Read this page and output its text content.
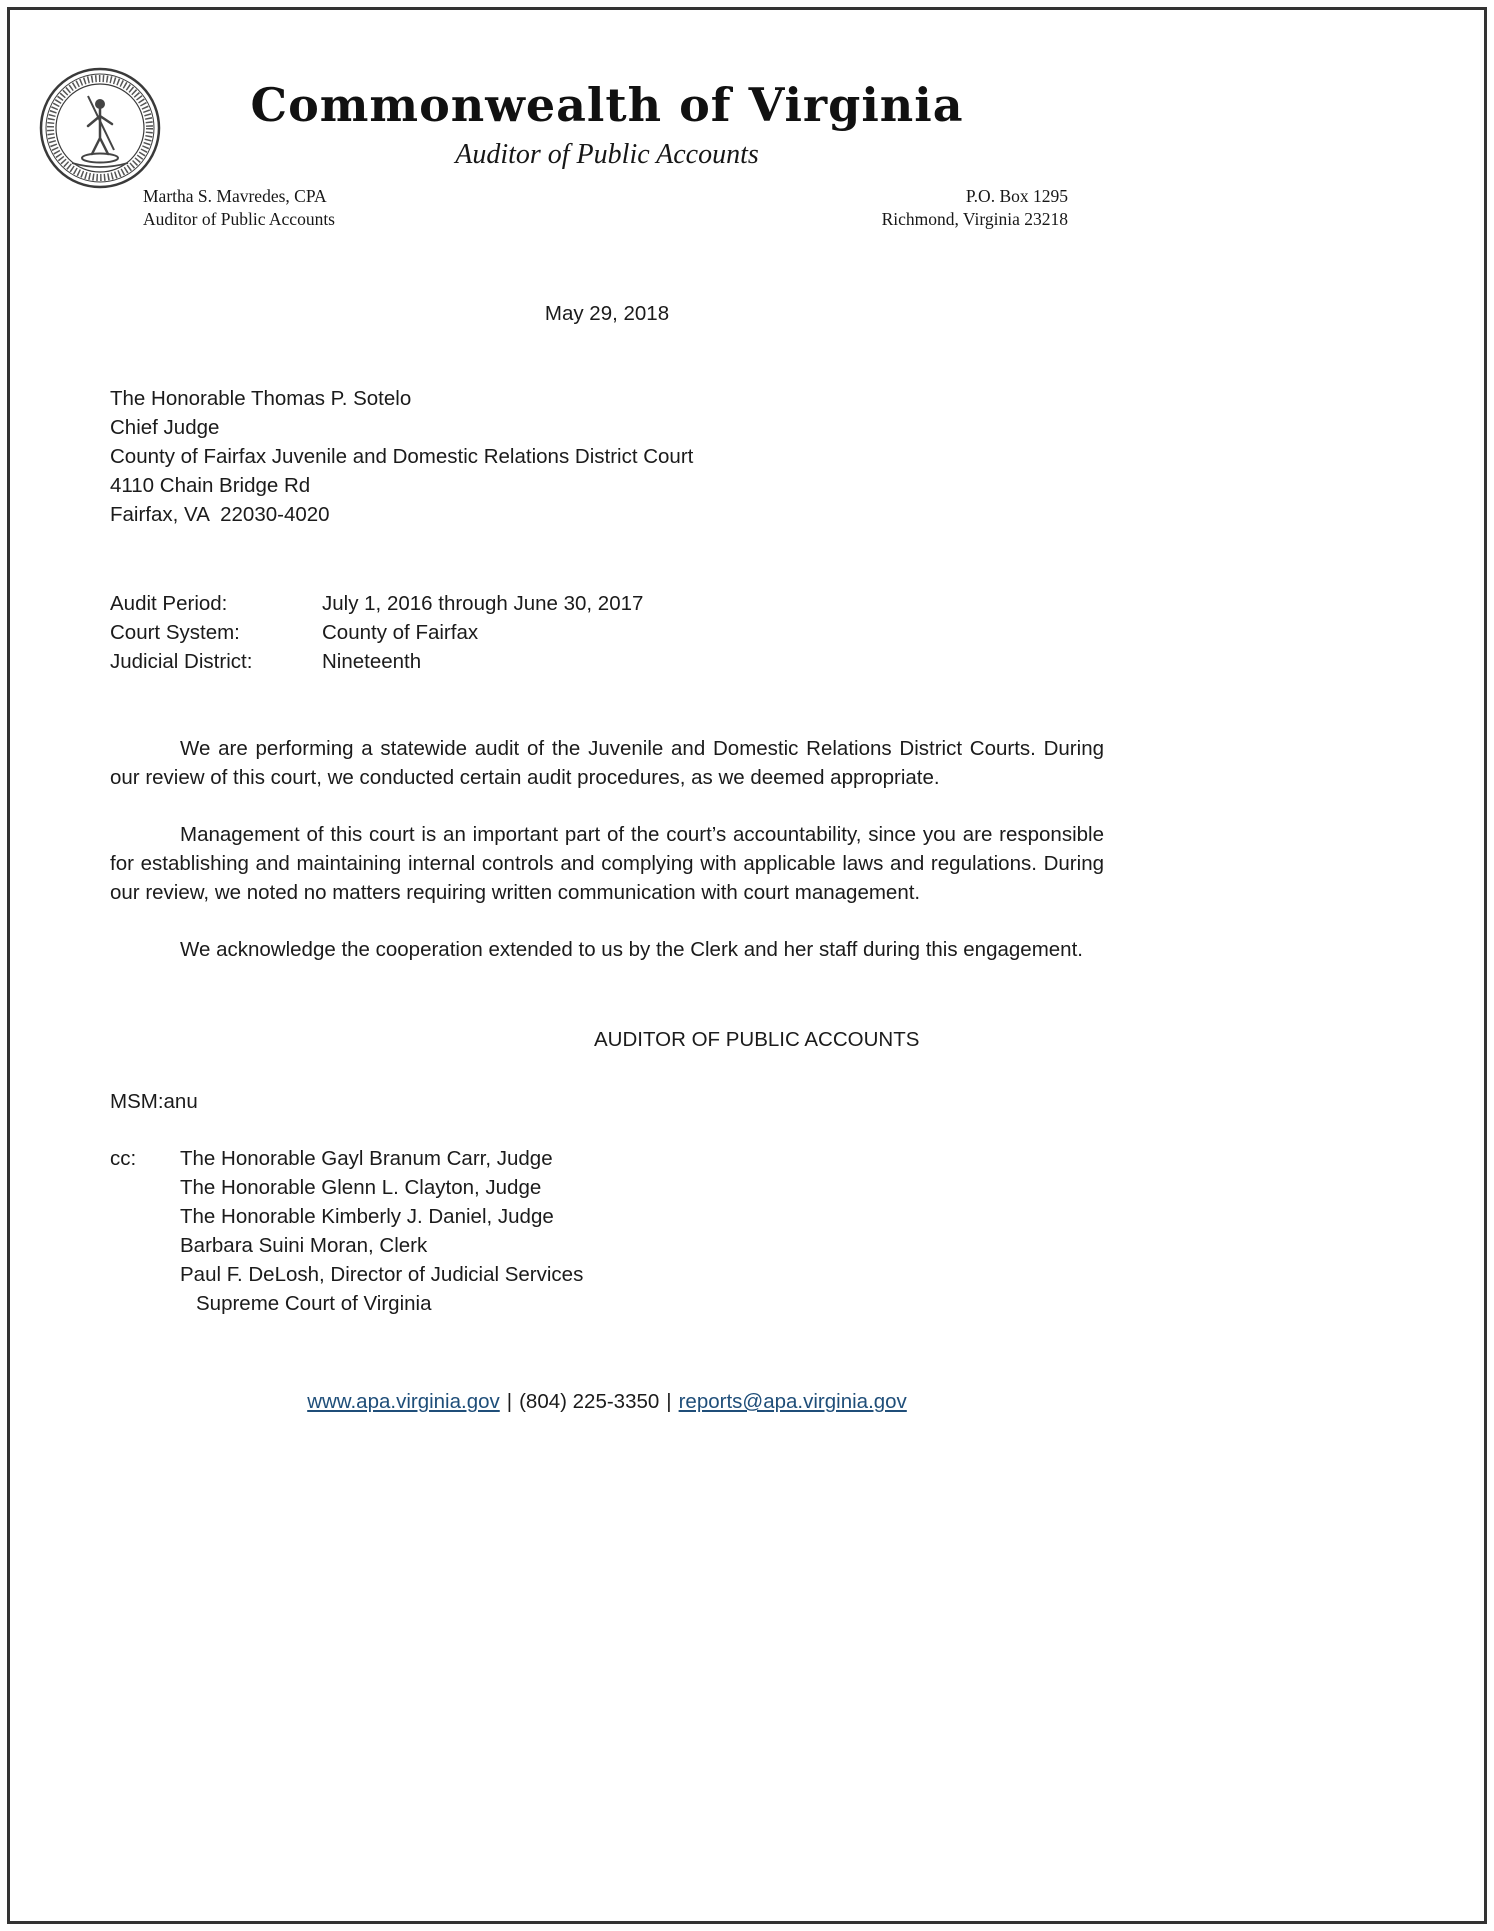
Commonwealth of Virginia
Auditor of Public Accounts
Martha S. Mavredes, CPA
Auditor of Public Accounts
P.O. Box 1295
Richmond, Virginia 23218
May 29, 2018
The Honorable Thomas P. Sotelo
Chief Judge
County of Fairfax Juvenile and Domestic Relations District Court
4110 Chain Bridge Rd
Fairfax, VA  22030-4020
Audit Period:	July 1, 2016 through June 30, 2017
Court System:	County of Fairfax
Judicial District:	Nineteenth

We are performing a statewide audit of the Juvenile and Domestic Relations District Courts. During our review of this court, we conducted certain audit procedures, as we deemed appropriate.

Management of this court is an important part of the court’s accountability, since you are responsible for establishing and maintaining internal controls and complying with applicable laws and regulations. During our review, we noted no matters requiring written communication with court management.

We acknowledge the cooperation extended to us by the Clerk and her staff during this engagement.

AUDITOR OF PUBLIC ACCOUNTS
MSM:anu
cc:	The Honorable Gayl Branum Carr, Judge
The Honorable Glenn L. Clayton, Judge
The Honorable Kimberly J. Daniel, Judge
Barbara Suini Moran, Clerk
Paul F. DeLosh, Director of Judicial Services
Supreme Court of Virginia
www.apa.virginia.gov | (804) 225-3350 | reports@apa.virginia.gov
